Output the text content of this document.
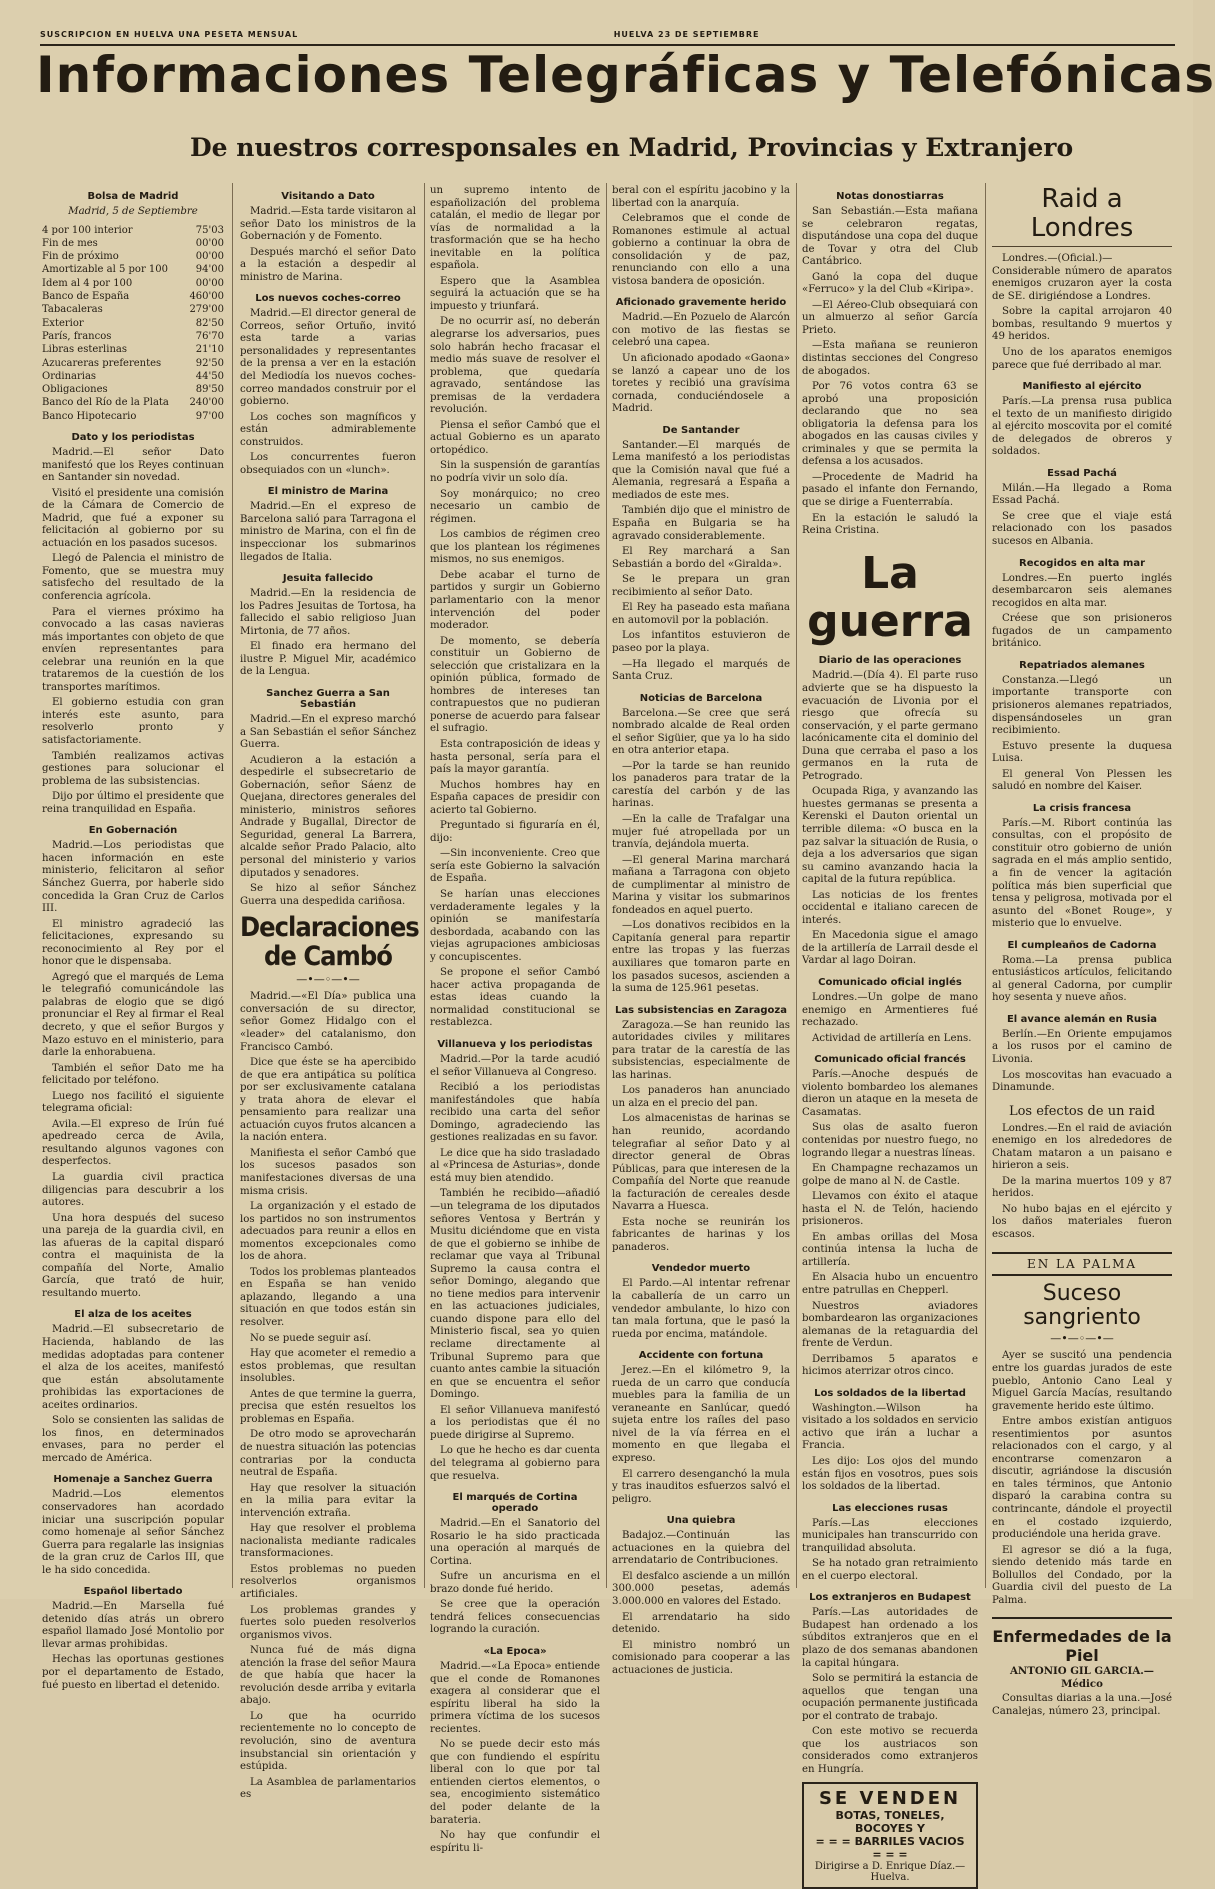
SUSCRIPCION EN HUELVA UNA PESETA MENSUAL	HUELVA 23 DE SEPTIEMBRE
Informaciones Telegráficas y Telefónicas
De nuestros corresponsales en Madrid, Provincias y Extranjero
Bolsa de Madrid
Madrid, 5 de Septiembre
4 por 100 interior	75'03
Fin de mes	00'00
Fin de próximo	00'00
Amortizable al 5 por 100	94'00
Idem al 4 por 100	00'00
Banco de España	460'00
Tabacaleras	279'00
Exterior	82'50
París, francos	76'70
Libras esterlinas	21'10
Azucareras preferentes	92'50
Ordinarias	44'50
Obligaciones	89'50
Banco del Río de la Plata 240'00
Banco Hipotecario	97'00
Dato y los periodistas

Madrid.—El señor Dato manifestó que los Reyes continuan en Santander sin novedad.

Visitó el presidente una comisión de la Cámara de Comercio de Madrid, que fué a exponer su felicitación al gobierno por su actuación en los pasados sucesos.

Llegó de Palencia el ministro de Fomento, que se muestra muy satisfecho del resultado de la conferencia agrícola.

Para el viernes próximo ha convocado a las casas navieras más importantes con objeto de que envíen representantes para celebrar una reunión en la que trataremos de la cuestión de los transportes marítimos.

El gobierno estudia con gran interés este asunto, para resolverlo pronto y satisfactoriamente.

También realizamos activas gestiones para solucionar el problema de las subsistencias.

Dijo por último el presidente que reina tranquilidad en España.

En Gobernación

Madrid.—Los periodistas que hacen información en este ministerio, felicitaron al señor Sánchez Guerra, por haberle sido concedida la Gran Cruz de Carlos III.

El ministro agradeció las felicitaciones, expresando su reconocimiento al Rey por el honor que le dispensaba.

Agregó que el marqués de Lema le telegrafió comunicándole las palabras de elogio que se digó pronunciar el Rey al firmar el Real decreto, y que el señor Burgos y Mazo estuvo en el ministerio, para darle la enhorabuena.

También el señor Dato me ha felicitado por teléfono.

Luego nos facilitó el siguiente telegrama oficial:

Avila.—El expreso de Irún fué apedreado cerca de Avila, resultando algunos vagones con desperfectos.

La guardia civil practica diligencias para descubrir a los autores.

Una hora después del suceso una pareja de la guardia civil, en las afueras de la capital disparó contra el maquinista de la compañía del Norte, Amalio García, que trató de huir, resultando muerto.

El alza de los aceites

Madrid.—El subsecretario de Hacienda, hablando de las medidas adoptadas para contener el alza de los aceites, manifestó que están absolutamente prohibidas las exportaciones de aceites ordinarios.

Solo se consienten las salidas de los finos, en determinados envases, para no perder el mercado de América.

Homenaje a Sanchez Guerra

Madrid.—Los elementos conservadores han acordado iniciar una suscripción popular como homenaje al señor Sánchez Guerra para regalarle las insignias de la gran cruz de Carlos III, que le ha sido concedida.

Español libertado

Madrid.—En Marsella fué detenido días atrás un obrero español llamado José Montolio por llevar armas prohibidas.

Hechas las oportunas gestiones por el departamento de Estado, fué puesto en libertad el detenido.

Visitando a Dato

Madrid.—Esta tarde visitaron al señor Dato los ministros de la Gobernación y de Fomento.

Después marchó el señor Dato a la estación a despedir al ministro de Marina.

Los nuevos coches-correo

Madrid.—El director general de Correos, señor Ortuño, invitó esta tarde a varias personalidades y representantes de la prensa a ver en la estación del Mediodía los nuevos coches-correo mandados construir por el gobierno.

Los coches son magníficos y están admirablemente construidos.

Los concurrentes fueron obsequiados con un «lunch».

El ministro de Marina

Madrid.—En el expreso de Barcelona salió para Tarragona el ministro de Marina, con el fin de inspeccionar los submarinos llegados de Italia.

Jesuita fallecido

Madrid.—En la residencia de los Padres Jesuitas de Tortosa, ha fallecido el sabio religioso Juan Mirtonia, de 77 años.

El finado era hermano del ilustre P. Miguel Mir, académico de la Lengua.

Sanchez Guerra a San Sebastián

Madrid.—En el expreso marchó a San Sebastián el señor Sánchez Guerra.

Acudieron a la estación a despedirle el subsecretario de Gobernación, señor Sáenz de Quejana, directores generales del ministerio, ministros señores Andrade y Bugallal, Director de Seguridad, general La Barrera, alcalde señor Prado Palacio, alto personal del ministerio y varios diputados y senadores.

Se hizo al señor Sánchez Guerra una despedida cariñosa.

Declaraciones de Cambó
—•—◦—•—

Madrid.—«El Día» publica una conversación de su director, señor Gomez Hidalgo con el «leader» del catalanismo, don Francisco Cambó.

Dice que éste se ha apercibido de que era antipática su política por ser exclusivamente catalana y trata ahora de elevar el pensamiento para realizar una actuación cuyos frutos alcancen a la nación entera.

Manifiesta el señor Cambó que los sucesos pasados son manifestaciones diversas de una misma crisis.

La organización y el estado de los partidos no son instrumentos adecuados para reunir a ellos en momentos excepcionales como los de ahora.

Todos los problemas planteados en España se han venido aplazando, llegando a una situación en que todos están sin resolver.

No se puede seguir así.

Hay que acometer el remedio a estos problemas, que resultan insolubles.

Antes de que termine la guerra, precisa que estén resueltos los problemas en España.

De otro modo se aprovecharán de nuestra situación las potencias contrarias por la conducta neutral de España.

Hay que resolver la situación en la milia para evitar la intervención extraña.

Hay que resolver el problema nacionalista mediante radicales transformaciones.

Estos problemas no pueden resolverlos organismos artificiales.

Los problemas grandes y fuertes solo pueden resolverlos organismos vivos.

Nunca fué de más digna atención la frase del señor Maura de que había que hacer la revolución desde arriba y evitarla abajo.

Lo que ha ocurrido recientemente no lo concepto de revolución, sino de aventura insubstancial sin orientación y estúpida.

La Asamblea de parlamentarios es

un supremo intento de españolización del problema catalán, el medio de llegar por vías de normalidad a la trasformación que se ha hecho inevitable en la política española.

Espero que la Asamblea seguirá la actuación que se ha impuesto y triunfará.

De no ocurrir así, no deberán alegrarse los adversarios, pues solo habrán hecho fracasar el medio más suave de resolver el problema, que quedaría agravado, sentándose las premisas de la verdadera revolución.

Piensa el señor Cambó que el actual Gobierno es un aparato ortopédico.

Sin la suspensión de garantías no podría vivir un solo día.

Soy monárquico; no creo necesario un cambio de régimen.

Los cambios de régimen creo que los plantean los régimenes mismos, no sus enemigos.

Debe acabar el turno de partidos y surgir un Gobierno parlamentario con la menor intervención del poder moderador.

De momento, se debería constituir un Gobierno de selección que cristalizara en la opinión pública, formado de hombres de intereses tan contrapuestos que no pudieran ponerse de acuerdo para falsear el sufragio.

Esta contraposición de ideas y hasta personal, sería para el país la mayor garantía.

Muchos hombres hay en España capaces de presidir con acierto tal Gobierno.

Preguntado si figuraría en él, dijo:

—Sin inconveniente. Creo que sería este Gobierno la salvación de España.

Se harían unas elecciones verdaderamente legales y la opinión se manifestaría desbordada, acabando con las viejas agrupaciones ambiciosas y concupiscentes.

Se propone el señor Cambó hacer activa propaganda de estas ideas cuando la normalidad constitucional se restablezca.

Villanueva y los periodistas

Madrid.—Por la tarde acudió el señor Villanueva al Congreso.

Recibió a los periodistas manifestándoles que había recibido una carta del señor Domingo, agradeciendo las gestiones realizadas en su favor.

Le dice que ha sido trasladado al «Princesa de Asturias», donde está muy bien atendido.

También he recibido—añadió—un telegrama de los diputados señores Ventosa y Bertrán y Musitu diciéndome que en vista de que el gobierno se inhibe de reclamar que vaya al Tribunal Supremo la causa contra el señor Domingo, alegando que no tiene medios para intervenir en las actuaciones judiciales, cuando dispone para ello del Ministerio fiscal, sea yo quien reclame directamente al Tribunal Supremo para que cuanto antes cambie la situación en que se encuentra el señor Domingo.

El señor Villanueva manifestó a los periodistas que él no puede dirigirse al Supremo.

Lo que he hecho es dar cuenta del telegrama al gobierno para que resuelva.

El marqués de Cortina operado

Madrid.—En el Sanatorio del Rosario le ha sido practicada una operación al marqués de Cortina.

Sufre un ancurisma en el brazo donde fué herido.

Se cree que la operación tendrá felices consecuencias logrando la curación.

«La Epoca»

Madrid.—«La Epoca» entiende que el conde de Romanones exagera al considerar que el espíritu liberal ha sido la primera víctima de los sucesos recientes.

No se puede decir esto más que con fundiendo el espíritu liberal con lo que por tal entienden ciertos elementos, o sea, encogimiento sistemático del poder delante de la barateria.

No hay que confundir el espíritu li-

beral con el espíritu jacobino y la libertad con la anarquía.

Celebramos que el conde de Romanones estimule al actual gobierno a continuar la obra de consolidación y de paz, renunciando con ello a una vistosa bandera de oposición.

Aficionado gravemente herido

Madrid.—En Pozuelo de Alarcón con motivo de las fiestas se celebró una capea.

Un aficionado apodado «Gaona» se lanzó a capear uno de los toretes y recibió una gravísima cornada, conduciéndosele a Madrid.

De Santander

Santander.—El marqués de Lema manifestó a los periodistas que la Comisión naval que fué a Alemania, regresará a España a mediados de este mes.

También dijo que el ministro de España en Bulgaria se ha agravado considerablemente.

El Rey marchará a San Sebastián a bordo del «Giralda».

Se le prepara un gran recibimiento al señor Dato.

El Rey ha paseado esta mañana en automovil por la población.

Los infantitos estuvieron de paseo por la playa.

—Ha llegado el marqués de Santa Cruz.

Noticias de Barcelona

Barcelona.—Se cree que será nombrado alcalde de Real orden el señor Sigüier, que ya lo ha sido en otra anterior etapa.

—Por la tarde se han reunido los panaderos para tratar de la carestía del carbón y de las harinas.

—En la calle de Trafalgar una mujer fué atropellada por un tranvía, dejándola muerta.

—El general Marina marchará mañana a Tarragona con objeto de cumplimentar al ministro de Marina y visitar los submarinos fondeados en aquel puerto.

—Los donativos recibidos en la Capitanía general para repartir entre las tropas y las fuerzas auxiliares que tomaron parte en los pasados sucesos, ascienden a la suma de 125.961 pesetas.

Las subsistencias en Zaragoza

Zaragoza.—Se han reunido las autoridades civiles y militares para tratar de la carestía de las subsistencias, especialmente de las harinas.

Los panaderos han anunciado un alza en el precio del pan.

Los almacenistas de harinas se han reunido, acordando telegrafiar al señor Dato y al director general de Obras Públicas, para que interesen de la Compañía del Norte que reanude la facturación de cereales desde Navarra a Huesca.

Esta noche se reunirán los fabricantes de harinas y los panaderos.

Vendedor muerto

El Pardo.—Al intentar refrenar la caballería de un carro un vendedor ambulante, lo hizo con tan mala fortuna, que le pasó la rueda por encima, matándole.

Accidente con fortuna

Jerez.—En el kilómetro 9, la rueda de un carro que conducía muebles para la familia de un veraneante en Sanlúcar, quedó sujeta entre los raíles del paso nivel de la vía férrea en el momento en que llegaba el expreso.

El carrero desenganchó la mula y tras inauditos esfuerzos salvó el peligro.

Una quiebra

Badajoz.—Continuán las actuaciones en la quiebra del arrendatario de Contribuciones.

El desfalco asciende a un millón 300.000 pesetas, además 3.000.000 en valores del Estado.

El arrendatario ha sido detenido.

El ministro nombró un comisionado para cooperar a las actuaciones de justicia.

Notas donostiarras

San Sebastián.—Esta mañana se celebraron regatas, disputándose una copa del duque de Tovar y otra del Club Cantábrico.

Ganó la copa del duque «Ferruco» y la del Club «Kiripa».

—El Aéreo-Club obsequiará con un almuerzo al señor García Prieto.

—Esta mañana se reunieron distintas secciones del Congreso de abogados.

Por 76 votos contra 63 se aprobó una proposición declarando que no sea obligatoria la defensa para los abogados en las causas civiles y criminales y que se permita la defensa a los acusados.

—Procedente de Madrid ha pasado el infante don Fernando, que se dirige a Fuenterrabía.

En la estación le saludó la Reina Cristina.

La guerra
Diario de las operaciones

Madrid.—(Día 4). El parte ruso advierte que se ha dispuesto la evacuación de Livonia por el riesgo que ofrecía su conservación, y el parte germano lacónicamente cita el dominio del Duna que cerraba el paso a los germanos en la ruta de Petrogrado.

Ocupada Riga, y avanzando las huestes germanas se presenta a Kerenski el Dauton oriental un terrible dilema: «O busca en la paz salvar la situación de Rusia, o deja a los adversarios que sigan su camino avanzando hacia la capital de la futura república.

Las noticias de los frentes occidental e italiano carecen de interés.

En Macedonia sigue el amago de la artillería de Larrail desde el Vardar al lago Doiran.

Comunicado oficial inglés

Londres.—Un golpe de mano enemigo en Armentieres fué rechazado.

Actividad de artillería en Lens.

Comunicado oficial francés

París.—Anoche después de violento bombardeo los alemanes dieron un ataque en la meseta de Casamatas.

Sus olas de asalto fueron contenidas por nuestro fuego, no logrando llegar a nuestras líneas.

En Champagne rechazamos un golpe de mano al N. de Castle.

Llevamos con éxito el ataque hasta el N. de Telón, haciendo prisioneros.

En ambas orillas del Mosa continúa intensa la lucha de artillería.

En Alsacia hubo un encuentro entre patrullas en Chepperl.

Nuestros aviadores bombardearon las organizaciones alemanas de la retaguardia del frente de Verdun.

Derribamos 5 aparatos e hicimos aterrizar otros cinco.

Los soldados de la libertad

Washington.—Wilson ha visitado a los soldados en servicio activo que irán a luchar a Francia.

Les dijo: Los ojos del mundo están fijos en vosotros, pues sois los soldados de la libertad.

Las elecciones rusas

París.—Las elecciones municipales han transcurrido con tranquilidad absoluta.

Se ha notado gran retraimiento en el cuerpo electoral.

Los extranjeros en Budapest

París.—Las autoridades de Budapest han ordenado a los súbditos extranjeros que en el plazo de dos semanas abandonen la capital húngara.

Solo se permitirá la estancia de aquellos que tengan una ocupación permanente justificada por el contrato de trabajo.

Con este motivo se recuerda que los austriacos son considerados como extranjeros en Hungría.

SE VENDEN
BOTAS, TONELES, BOCOYES Y
= = = BARRILES VACIOS = = =
Dirigirse a D. Enrique Díaz.—Huelva.
Raid a Londres

Londres.—(Oficial.)—Considerable número de aparatos enemigos cruzaron ayer la costa de SE. dirigiéndose a Londres.

Sobre la capital arrojaron 40 bombas, resultando 9 muertos y 49 heridos.

Uno de los aparatos enemigos parece que fué derribado al mar.

Manifiesto al ejército

París.—La prensa rusa publica el texto de un manifiesto dirigido al ejército moscovita por el comité de delegados de obreros y soldados.

Essad Pachá

Milán.—Ha llegado a Roma Essad Pachá.

Se cree que el viaje está relacionado con los pasados sucesos en Albania.

Recogidos en alta mar

Londres.—En puerto inglés desembarcaron seis alemanes recogidos en alta mar.

Créese que son prisioneros fugados de un campamento británico.

Repatriados alemanes

Constanza.—Llegó un importante transporte con prisioneros alemanes repatriados, dispensándoseles un gran recibimiento.

Estuvo presente la duquesa Luisa.

El general Von Plessen les saludó en nombre del Kaiser.

La crisis francesa

París.—M. Ribort continúa las consultas, con el propósito de constituir otro gobierno de unión sagrada en el más amplio sentido, a fin de vencer la agitación política más bien superficial que tensa y peligrosa, motivada por el asunto del «Bonet Rouge», y misterio que lo envuelve.

El cumpleaños de Cadorna

Roma.—La prensa publica entusiásticos artículos, felicitando al general Cadorna, por cumplir hoy sesenta y nueve años.

El avance alemán en Rusia

Berlín.—En Oriente empujamos a los rusos por el camino de Livonia.

Los moscovitas han evacuado a Dinamunde.

Los efectos de un raid

Londres.—En el raid de aviación enemigo en los alrededores de Chatam mataron a un paisano e hirieron a seis.

De la marina muertos 109 y 87 heridos.

No hubo bajas en el ejército y los daños materiales fueron escasos.

EN LA PALMA
Suceso sangriento
—•—◦—•—

Ayer se suscitó una pendencia entre los guardas jurados de este pueblo, Antonio Cano Leal y Miguel García Macías, resultando gravemente herido este último.

Entre ambos existían antiguos resentimientos por asuntos relacionados con el cargo, y al encontrarse comenzaron a discutir, agriándose la discusión en tales términos, que Antonio disparó la carabina contra su contrincante, dándole el proyectil en el costado izquierdo, produciéndole una herida grave.

El agresor se dió a la fuga, siendo detenido más tarde en Bollullos del Condado, por la Guardia civil del puesto de La Palma.

Enfermedades de la Piel

ANTONIO GIL GARCIA.—Médico

Consultas diarias a la una.—José Canalejas, número 23, principal.
